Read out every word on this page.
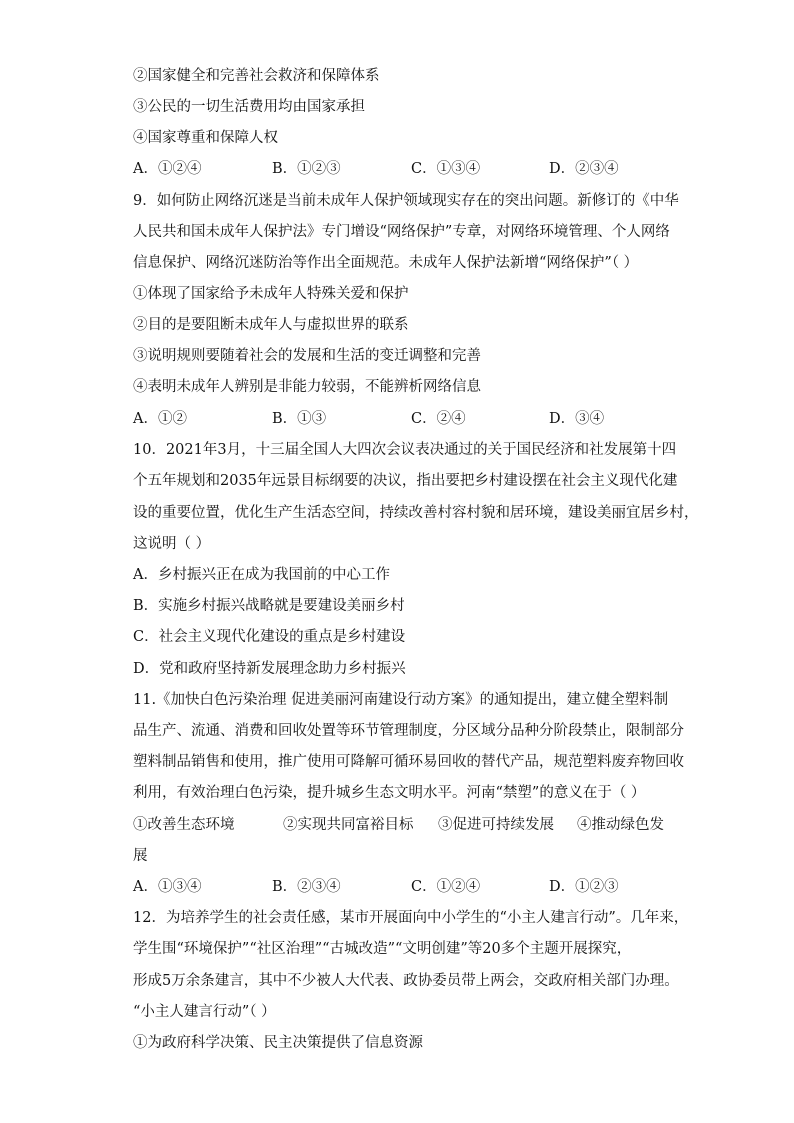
②国家健全和完善社会救济和保障体系
③公民的一切生活费用均由国家承担
④国家尊重和保障人权
A．①②④	B．①②③	C．①③④	D．②③④
9．如何防止网络沉迷是当前未成年人保护领域现实存在的突出问题。新修订的《中华
人民共和国未成年人保护法》专门增设“网络保护”专章，对网络环境管理、个人网络
信息保护、网络沉迷防治等作出全面规范。未成年人保护法新增“网络保护”（ ）
①体现了国家给予未成年人特殊关爱和保护
②目的是要阻断未成年人与虚拟世界的联系
③说明规则要随着社会的发展和生活的变迁调整和完善
④表明未成年人辨别是非能力较弱，不能辨析网络信息
A．①②	B．①③	C．②④	D．③④
10．2021年3月，十三届全国人大四次会议表决通过的关于国民经济和社发展第十四
个五年规划和2035年远景目标纲要的决议，指出要把乡村建设摆在社会主义现代化建
设的重要位置，优化生产生活态空间，持续改善村容村貌和居环境，建设美丽宜居乡村，
这说明（ ）
A．乡村振兴正在成为我国前的中心工作
B．实施乡村振兴战略就是要建设美丽乡村
C．社会主义现代化建设的重点是乡村建设
D．党和政府坚持新发展理念助力乡村振兴
11.《加快白色污染治理 促进美丽河南建设行动方案》的通知提出，建立健全塑料制
品生产、流通、消费和回收处置等环节管理制度，分区域分品种分阶段禁止，限制部分
塑料制品销售和使用，推广使用可降解可循环易回收的替代产品，规范塑料废弃物回收
利用，有效治理白色污染，提升城乡生态文明水平。河南“禁塑”的意义在于（ ）
①改善生态环境	②实现共同富裕目标 ③促进可持续发展 ④推动绿色发
展
A．①③④	B．②③④	C．①②④	D．①②③
12．为培养学生的社会责任感，某市开展面向中小学生的“小主人建言行动”。几年来，
学生围“环境保护”“社区治理”“古城改造”“文明创建”等20多个主题开展探究，
形成5万余条建言，其中不少被人大代表、政协委员带上两会，交政府相关部门办理。
“小主人建言行动”（ ）
①为政府科学决策、民主决策提供了信息资源
